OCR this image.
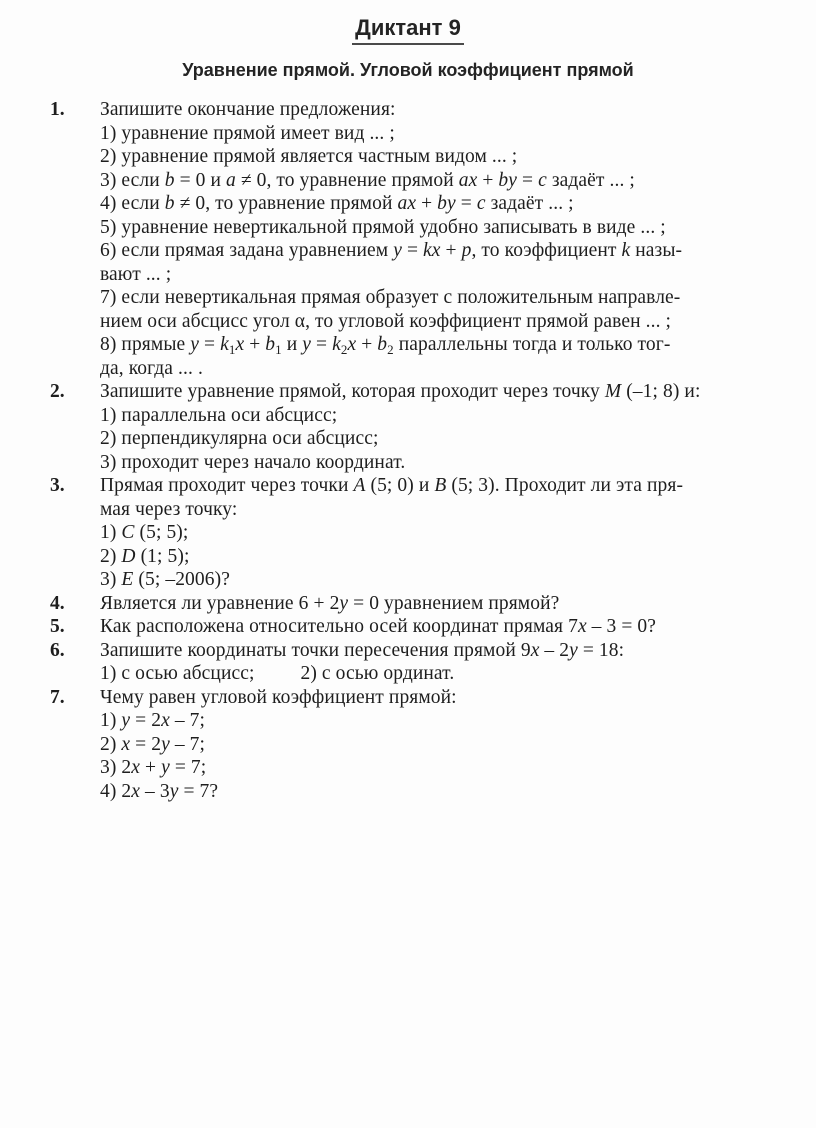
Диктант 9
Уравнение прямой. Угловой коэффициент прямой
1.	Запишите окончание предложения:
1) уравнение прямой имеет вид ... ;
2) уравнение прямой является частным видом ... ;
3) если b = 0 и a ≠ 0, то уравнение прямой ax + by = c задаёт ... ;
4) если b ≠ 0, то уравнение прямой ax + by = c задаёт ... ;
5) уравнение невертикальной прямой удобно записывать в виде ... ;
6) если прямая задана уравнением y = kx + p, то коэффициент k назы-
вают ... ;
7) если невертикальная прямая образует с положительным направле-
нием оси абсцисс угол α, то угловой коэффициент прямой равен ... ;
8) прямые $y = k_1x + b_1$ и $y = k_2x + b_2$ параллельны тогда и только тог-
да, когда ... .
2.	Запишите уравнение прямой, которая проходит через точку M (–1; 8) и:
1) параллельна оси абсцисс;
2) перпендикулярна оси абсцисс;
3) проходит через начало координат.
3.	Прямая проходит через точки A (5; 0) и B (5; 3). Проходит ли эта пря-
мая через точку:
1) C (5; 5);
2) D (1; 5);
3) E (5; –2006)?
4.	Является ли уравнение 6 + 2y = 0 уравнением прямой?
5.	Как расположена относительно осей координат прямая 7x – 3 = 0?
6.	Запишите координаты точки пересечения прямой 9x – 2y = 18:
1) с осью абсцисс; 2) с осью ординат.
7.	Чему равен угловой коэффициент прямой:
1) y = 2x – 7;
2) x = 2y – 7;
3) 2x + y = 7;
4) 2x – 3y = 7?
